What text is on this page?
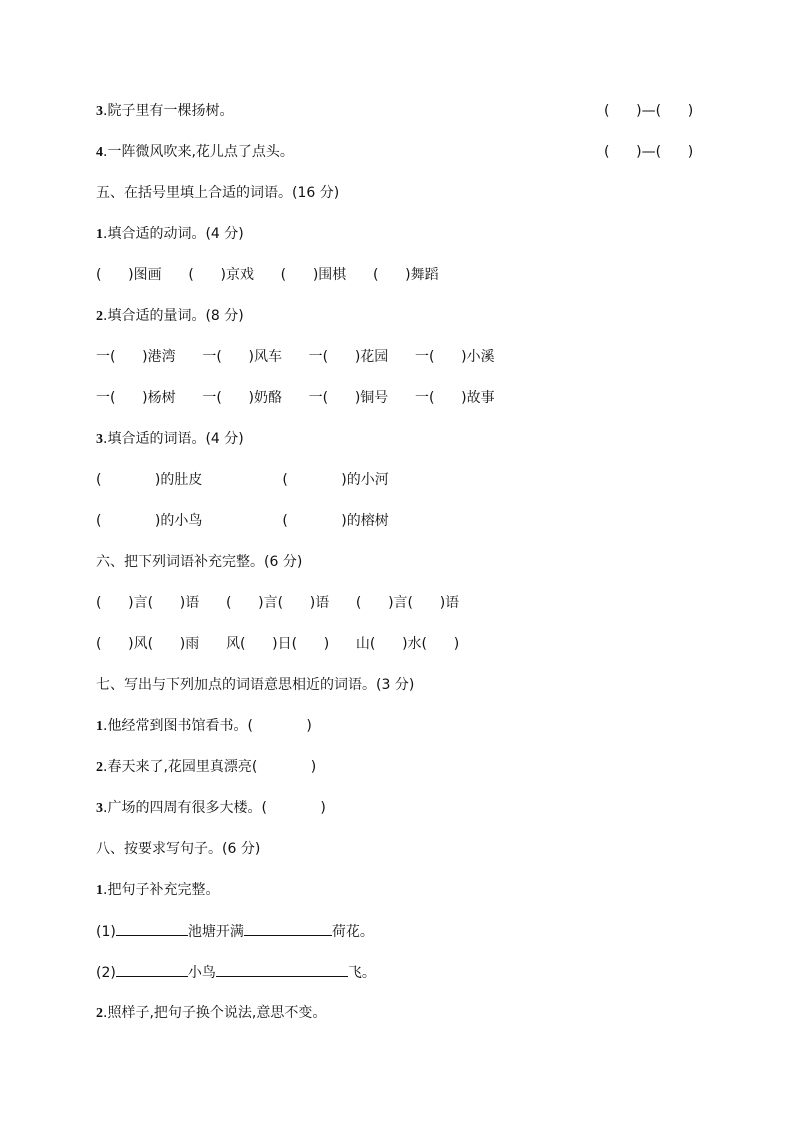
3.院子里有一棵扬树。	(      )—(      )
4.一阵微风吹来,花儿点了点头。	(      )—(      )
五、在括号里填上合适的词语。(16 分)
1.填合适的动词。(4 分)
(      )图画      (      )京戏      (      )围棋      (      )舞蹈
2.填合适的量词。(8 分)
一(      )港湾      一(      )风车      一(      )花园      一(      )小溪
一(      )杨树      一(      )奶酪      一(      )铜号      一(      )故事
3.填合适的词语。(4 分)
(            )的肚皮                  (            )的小河
(            )的小鸟                  (            )的榕树
六、把下列词语补充完整。(6 分)
(      )言(      )语      (      )言(      )语      (      )言(      )语
(      )风(      )雨      风(      )日(      )      山(      )水(      )
七、写出与下列加点的词语意思相近的词语。(3 分)
1.他经常到图书馆看书。(            )
2.春天来了,花园里真漂亮(            )
3.广场的四周有很多大楼。(            )
八、按要求写句子。(6 分)
1.把句子补充完整。
(1)	池塘开满	荷花。
(2)	小鸟	飞。
2.照样子,把句子换个说法,意思不变。
